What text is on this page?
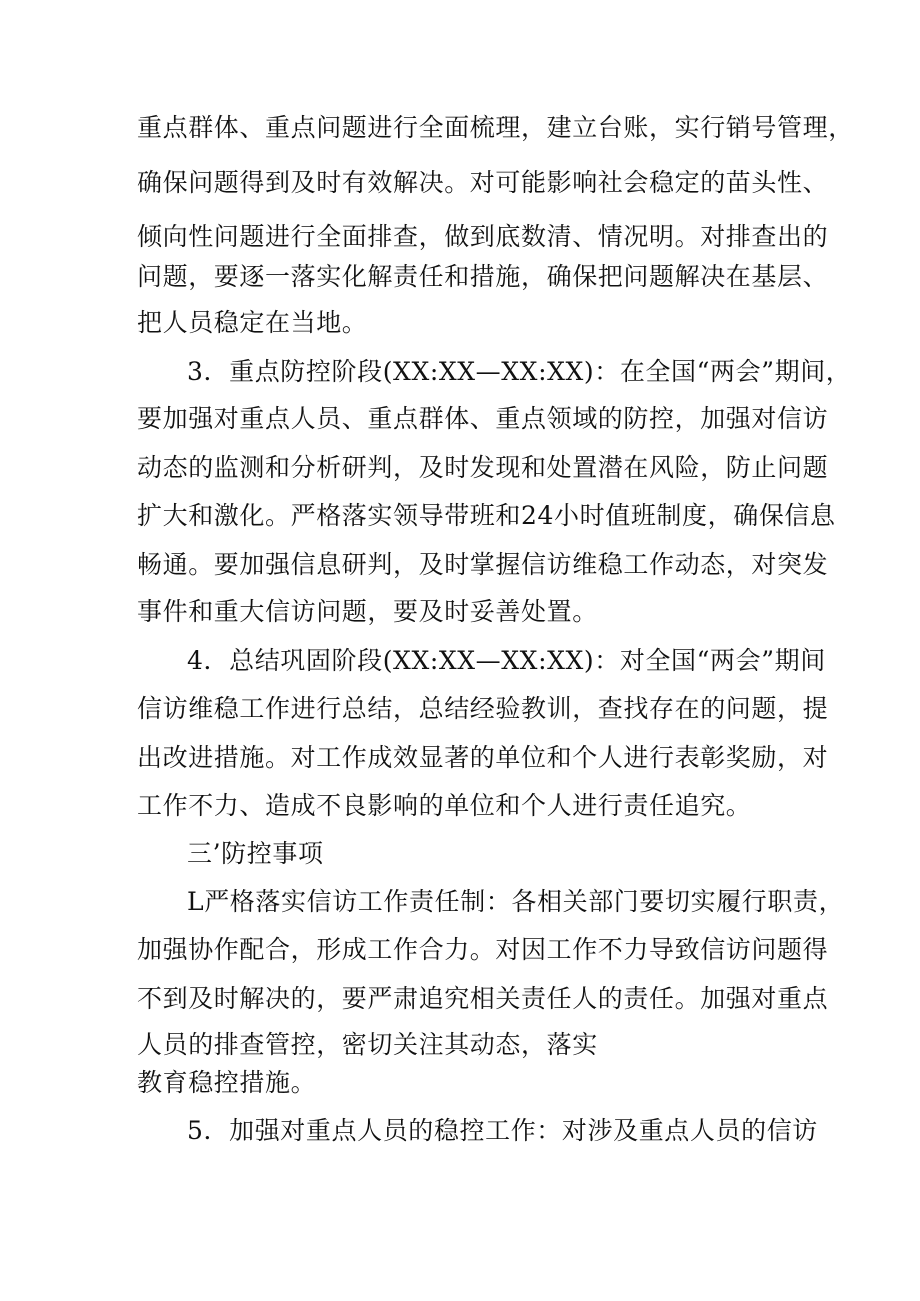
重点群体、重点问题进行全面梳理，建立台账，实行销号管理，
确保问题得到及时有效解决。对可能影响社会稳定的苗头性、
倾向性问题进行全面排查，做到底数清、情况明。对排查出的
问题，要逐一落实化解责任和措施，确保把问题解决在基层、
把人员稳定在当地。
3．重点防控阶段(XX:XX—XX:XX)：在全国“两会”期间，
要加强对重点人员、重点群体、重点领域的防控，加强对信访
动态的监测和分析研判，及时发现和处置潜在风险，防止问题
扩大和激化。严格落实领导带班和24小时值班制度，确保信息
畅通。要加强信息研判，及时掌握信访维稳工作动态，对突发
事件和重大信访问题，要及时妥善处置。
4．总结巩固阶段(XX:XX—XX:XX)：对全国“两会”期间
信访维稳工作进行总结，总结经验教训，查找存在的问题，提
出改进措施。对工作成效显著的单位和个人进行表彰奖励，对
工作不力、造成不良影响的单位和个人进行责任追究。
三’防控事项
L严格落实信访工作责任制：各相关部门要切实履行职责，
加强协作配合，形成工作合力。对因工作不力导致信访问题得
不到及时解决的，要严肃追究相关责任人的责任。加强对重点
人员的排查管控，密切关注其动态，落实
教育稳控措施。
5．加强对重点人员的稳控工作：对涉及重点人员的信访
